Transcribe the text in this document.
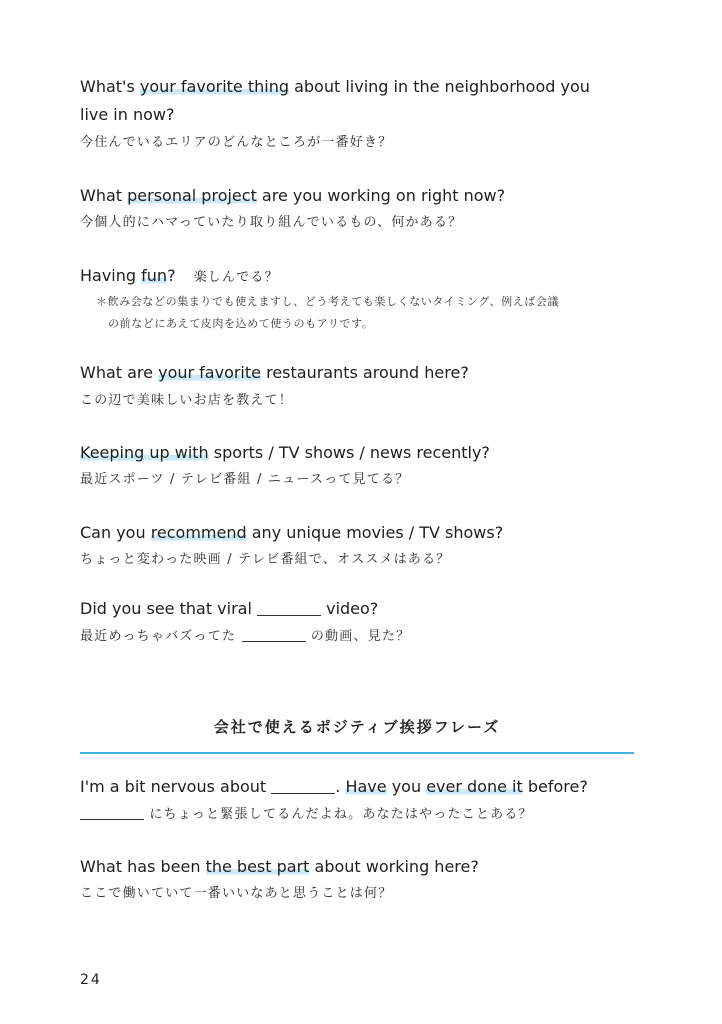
What's your favorite thing about living in the neighborhood you
live in now?
今住んでいるエリアのどんなところが一番好き？
What personal project are you working on right now?
今個人的にハマっていたり取り組んでいるもの、何かある？
Having fun? 楽しんでる？
＊飲み会などの集まりでも使えますし、どう考えても楽しくないタイミング、例えば会議
の前などにあえて皮肉を込めて使うのもアリです。
What are your favorite restaurants around here?
この辺で美味しいお店を教えて！
Keeping up with sports / TV shows / news recently?
最近スポーツ / テレビ番組 / ニュースって見てる？
Can you recommend any unique movies / TV shows?
ちょっと変わった映画 / テレビ番組で、オススメはある？
Did you see that viral	video?
最近めっちゃバズってた	の動画、見た？
会社で使えるポジティブ挨拶フレーズ
I'm a bit nervous about	. Have you ever done it before?
にちょっと緊張してるんだよね。あなたはやったことある？
What has been the best part about working here?
ここで働いていて一番いいなあと思うことは何？
24
